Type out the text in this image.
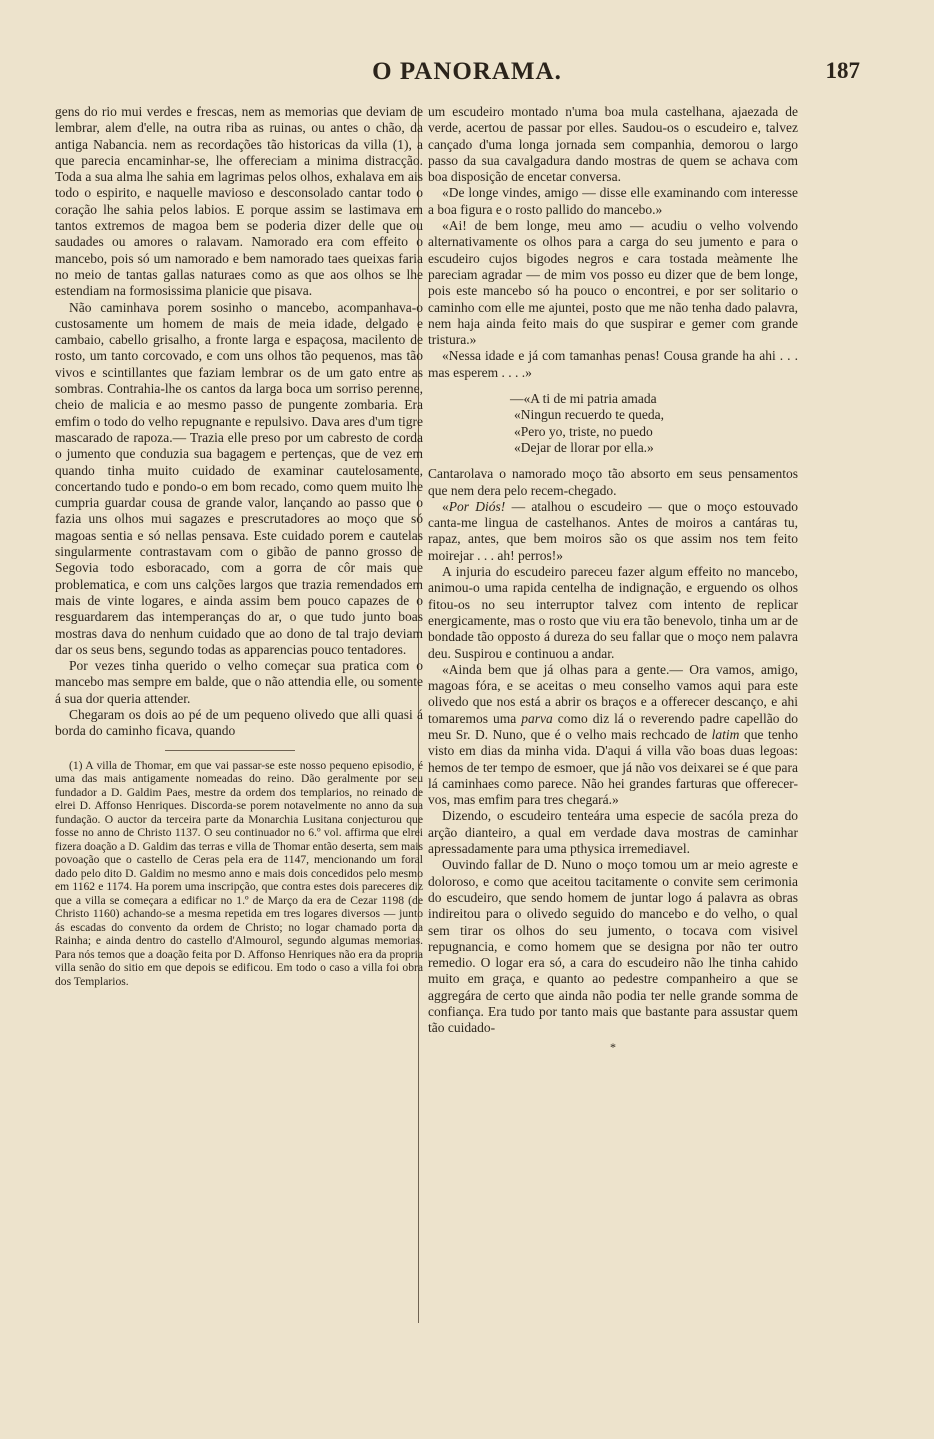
O PANORAMA.	187

gens do rio mui verdes e frescas, nem as memorias que deviam de lembrar, alem d'elle, na outra riba as ruinas, ou antes o chão, da antiga Nabancia. nem as recordações tão historicas da villa (1), a que parecia encaminhar-se, lhe offereciam a minima distracção. Toda a sua alma lhe sahia em lagrimas pelos olhos, exhalava em ais todo o espirito, e naquelle mavioso e desconsolado cantar todo o coração lhe sahia pelos labios. E porque assim se lastimava em tantos extremos de magoa bem se poderia dizer delle que ou saudades ou amores o ralavam. Namorado era com effeito o mancebo, pois só um namorado e bem namorado taes queixas faria no meio de tantas gallas naturaes como as que aos olhos se lhe estendiam na formosissima planicie que pisava.

Não caminhava porem sosinho o mancebo, acompanhava-o custosamente um homem de mais de meia idade, delgado e cambaio, cabello grisalho, a fronte larga e espaçosa, macilento de rosto, um tanto corcovado, e com uns olhos tão pequenos, mas tão vivos e scintillantes que faziam lembrar os de um gato entre as sombras. Contrahia-lhe os cantos da larga boca um sorriso perenne, cheio de malicia e ao mesmo passo de pungente zombaria. Era emfim o todo do velho repugnante e repulsivo. Dava ares d'um tigre mascarado de rapoza.— Trazia elle preso por um cabresto de corda o jumento que conduzia sua bagagem e pertenças, que de vez em quando tinha muito cuidado de examinar cautelosamente, concertando tudo e pondo-o em bom recado, como quem muito lhe cumpria guardar cousa de grande valor, lançando ao passo que o fazia uns olhos mui sagazes e prescrutadores ao moço que só magoas sentia e só nellas pensava. Este cuidado porem e cautelas singularmente contrastavam com o gibão de panno grosso de Segovia todo esboracado, com a gorra de côr mais que problematica, e com uns calções largos que trazia remendados em mais de vinte logares, e ainda assim bem pouco capazes de o resguardarem das intemperanças do ar, o que tudo junto boas mostras dava do nenhum cuidado que ao dono de tal trajo deviam dar os seus bens, segundo todas as apparencias pouco tentadores.

Por vezes tinha querido o velho começar sua pratica com o mancebo mas sempre em balde, que o não attendia elle, ou somente á sua dor queria attender.

Chegaram os dois ao pé de um pequeno olivedo que alli quasi á borda do caminho ficava, quando

(1) A villa de Thomar, em que vai passar-se este nosso pequeno episodio, é uma das mais antigamente nomeadas do reino. Dão geralmente por seu fundador a D. Galdim Paes, mestre da ordem dos templarios, no reinado de elrei D. Affonso Henriques. Discorda-se porem notavelmente no anno da sua fundação. O auctor da terceira parte da Monarchia Lusitana conjecturou que fosse no anno de Christo 1137. O seu continuador no 6.º vol. affirma que elrei fizera doação a D. Galdim das terras e villa de Thomar então deserta, sem mais povoação que o castello de Ceras pela era de 1147, mencionando um foral dado pelo dito D. Galdim no mesmo anno e mais dois concedidos pelo mesmo em 1162 e 1174. Ha porem uma inscripção, que contra estes dois pareceres diz que a villa se começara a edificar no 1.º de Março da era de Cezar 1198 (de Christo 1160) achando-se a mesma repetida em tres logares diversos — junto ás escadas do convento da ordem de Christo; no logar chamado porta da Rainha; e ainda dentro do castello d'Almourol, segundo algumas memorias. Para nós temos que a doação feita por D. Affonso Henriques não era da propria villa senão do sitio em que depois se edificou. Em todo o caso a villa foi obra dos Templarios.

um escudeiro montado n'uma boa mula castelhana, ajaezada de verde, acertou de passar por elles. Saudou-os o escudeiro e, talvez cançado d'uma longa jornada sem companhia, demorou o largo passo da sua cavalgadura dando mostras de quem se achava com boa disposição de encetar conversa.

«De longe vindes, amigo — disse elle examinando com interesse a boa figura e o rosto pallido do mancebo.»

«Ai! de bem longe, meu amo — acudiu o velho volvendo alternativamente os olhos para a carga do seu jumento e para o escudeiro cujos bigodes negros e cara tostada meàmente lhe pareciam agradar — de mim vos posso eu dizer que de bem longe, pois este mancebo só ha pouco o encontrei, e por ser solitario o caminho com elle me ajuntei, posto que me não tenha dado palavra, nem haja ainda feito mais do que suspirar e gemer com grande tristura.»

«Nessa idade e já com tamanhas penas! Cousa grande ha ahi . . . mas esperem . . . .»

—«A ti de mi patria amada
«Ningun recuerdo te queda,
«Pero yo, triste, no puedo
«Dejar de llorar por ella.»

Cantarolava o namorado moço tão absorto em seus pensamentos que nem dera pelo recem-chegado.

«Por Diós! — atalhou o escudeiro — que o moço estouvado canta-me lingua de castelhanos. Antes de moiros a cantáras tu, rapaz, antes, que bem moiros são os que assim nos tem feito moirejar . . . ah! perros!»

A injuria do escudeiro pareceu fazer algum effeito no mancebo, animou-o uma rapida centelha de indignação, e erguendo os olhos fitou-os no seu interruptor talvez com intento de replicar energicamente, mas o rosto que viu era tão benevolo, tinha um ar de bondade tão opposto á dureza do seu fallar que o moço nem palavra deu. Suspirou e continuou a andar.

«Ainda bem que já olhas para a gente.— Ora vamos, amigo, magoas fóra, e se aceitas o meu conselho vamos aqui para este olivedo que nos está a abrir os braços e a offerecer descanço, e ahi tomaremos uma parva como diz lá o reverendo padre capellão do meu Sr. D. Nuno, que é o velho mais rechcado de latim que tenho visto em dias da minha vida. D'aqui á villa vão boas duas legoas: hemos de ter tempo de esmoer, que já não vos deixarei se é que para lá caminhaes como parece. Não hei grandes farturas que offerecer-vos, mas emfim para tres chegará.»

Dizendo, o escudeiro tenteára uma especie de sacóla preza do arção dianteiro, a qual em verdade dava mostras de caminhar apressadamente para uma pthysica irremediavel.

Ouvindo fallar de D. Nuno o moço tomou um ar meio agreste e doloroso, e como que aceitou tacitamente o convite sem cerimonia do escudeiro, que sendo homem de juntar logo á palavra as obras indireitou para o olivedo seguido do mancebo e do velho, o qual sem tirar os olhos do seu jumento, o tocava com visivel repugnancia, e como homem que se designa por não ter outro remedio. O logar era só, a cara do escudeiro não lhe tinha cahido muito em graça, e quanto ao pedestre companheiro a que se aggregára de certo que ainda não podia ter nelle grande somma de confiança. Era tudo por tanto mais que bastante para assustar quem tão cuidado-

*
